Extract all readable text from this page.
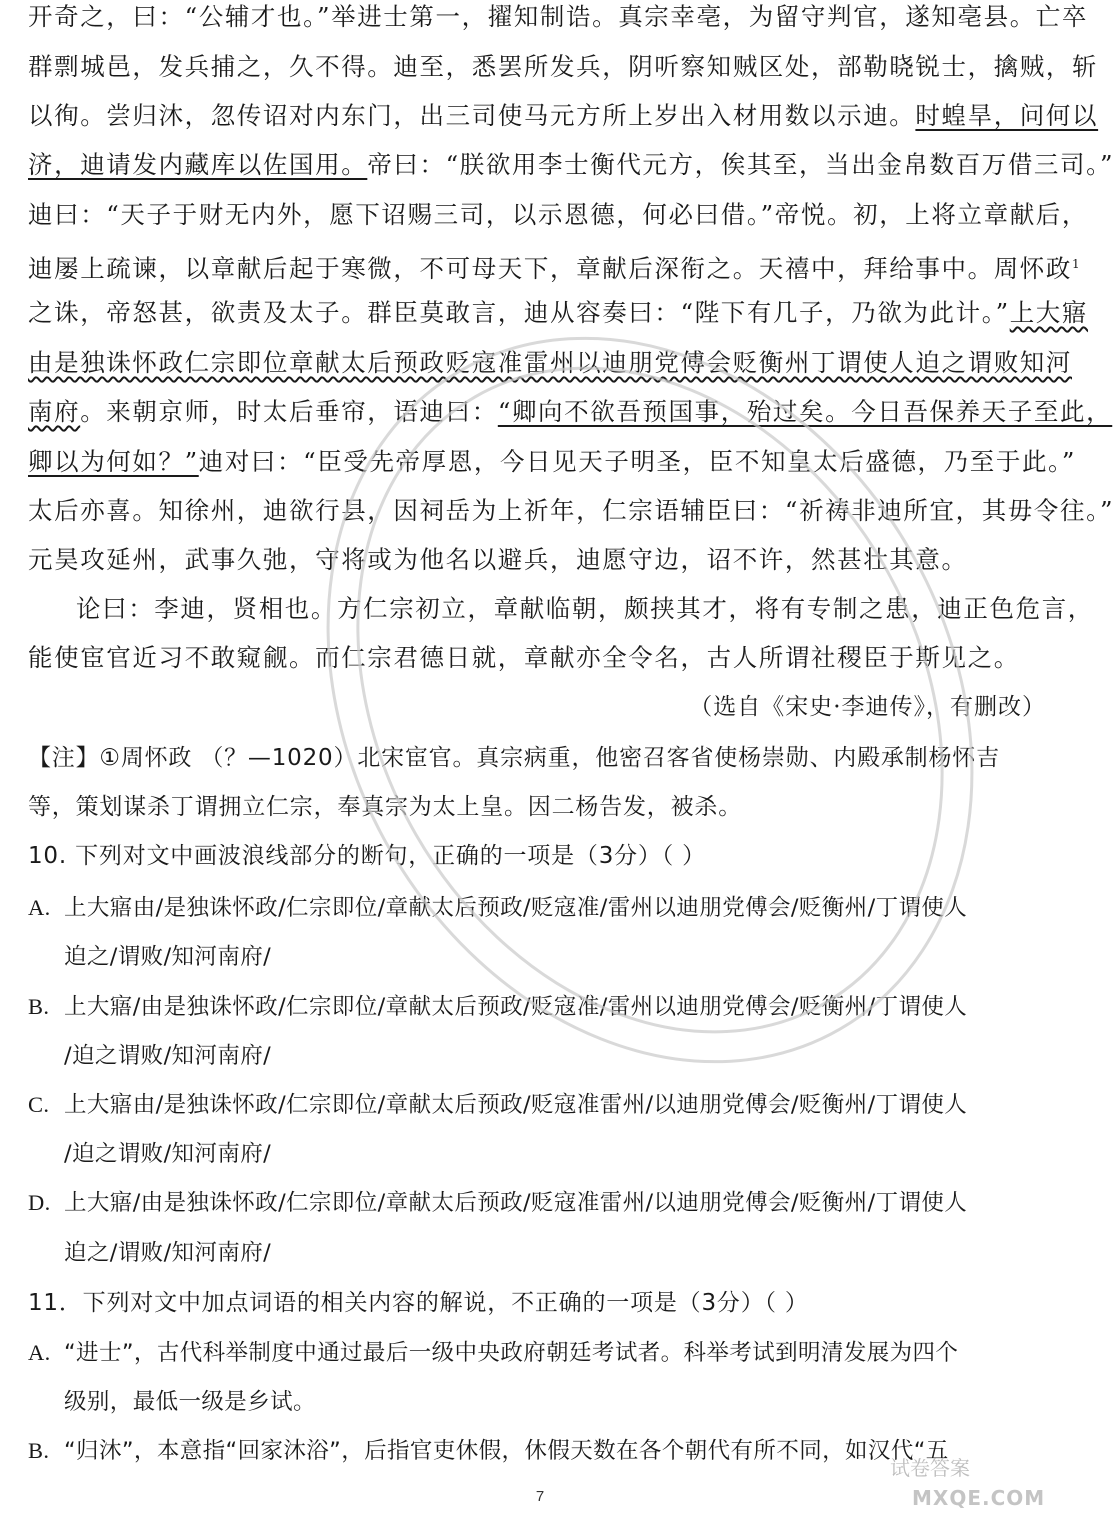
开奇之，曰：“公辅才也。”举进士第一，擢知制诰。真宗幸亳，为留守判官，遂知亳县。亡卒
群剽城邑，发兵捕之，久不得。迪至，悉罢所发兵，阴听察知贼区处，部勒晓锐士，擒贼，斩
以徇。尝归沐，忽传诏对内东门，出三司使马元方所上岁出入材用数以示迪。时蝗旱，问何以
济，迪请发内藏库以佐国用。帝曰：“朕欲用李士衡代元方，俟其至，当出金帛数百万借三司。”
迪曰：“天子于财无内外，愿下诏赐三司，以示恩德，何必曰借。”帝悦。初，上将立章献后，
迪屡上疏谏，以章献后起于寒微，不可母天下，章献后深衔之。天禧中，拜给事中。周怀政$^1$
之诛，帝怒甚，欲责及太子。群臣莫敢言，迪从容奏曰：“陛下有几子，乃欲为此计。”上大寤
由是独诛怀政仁宗即位章献太后预政贬寇准雷州以迪朋党傅会贬衡州丁谓使人迫之谓败知河
南府。来朝京师，时太后垂帘，语迪曰：“卿向不欲吾预国事，殆过矣。今日吾保养天子至此，
卿以为何如？”迪对曰：“臣受先帝厚恩，今日见天子明圣，臣不知皇太后盛德，乃至于此。”
太后亦喜。知徐州，迪欲行县，因祠岳为上祈年，仁宗语辅臣曰：“祈祷非迪所宜，其毋令往。”
元昊攻延州，武事久弛，守将或为他名以避兵，迪愿守边，诏不许，然甚壮其意。
论曰：李迪，贤相也。方仁宗初立，章献临朝，颇挟其才，将有专制之患，迪正色危言，
能使宦官近习不敢窥觎。而仁宗君德日就，章献亦全令名，古人所谓社稷臣于斯见之。
（选自《宋史·李迪传》，有删改）
【注】①周怀政 （？—1020）北宋宦官。真宗病重，他密召客省使杨崇勋、内殿承制杨怀吉
等，策划谋杀丁谓拥立仁宗，奉真宗为太上皇。因二杨告发，被杀。
10. 下列对文中画波浪线部分的断句，正确的一项是（3分）（ ）
A. 上大寤由/是独诛怀政/仁宗即位/章献太后预政/贬寇准/雷州以迪朋党傅会/贬衡州/丁谓使人
迫之/谓败/知河南府/
B. 上大寤/由是独诛怀政/仁宗即位/章献太后预政/贬寇准/雷州以迪朋党傅会/贬衡州/丁谓使人
/迫之谓败/知河南府/
C. 上大寤由/是独诛怀政/仁宗即位/章献太后预政/贬寇准雷州/以迪朋党傅会/贬衡州/丁谓使人
/迫之谓败/知河南府/
D. 上大寤/由是独诛怀政/仁宗即位/章献太后预政/贬寇准雷州/以迪朋党傅会/贬衡州/丁谓使人
迫之/谓败/知河南府/
11．下列对文中加点词语的相关内容的解说，不正确的一项是（3分）（ ）
A. “进士”，古代科举制度中通过最后一级中央政府朝廷考试者。科举考试到明清发展为四个
级别，最低一级是乡试。
B. “归沐”，本意指“回家沐浴”，后指官吏休假，休假天数在各个朝代有所不同，如汉代“五
试卷答案
MXQE.COM
7
